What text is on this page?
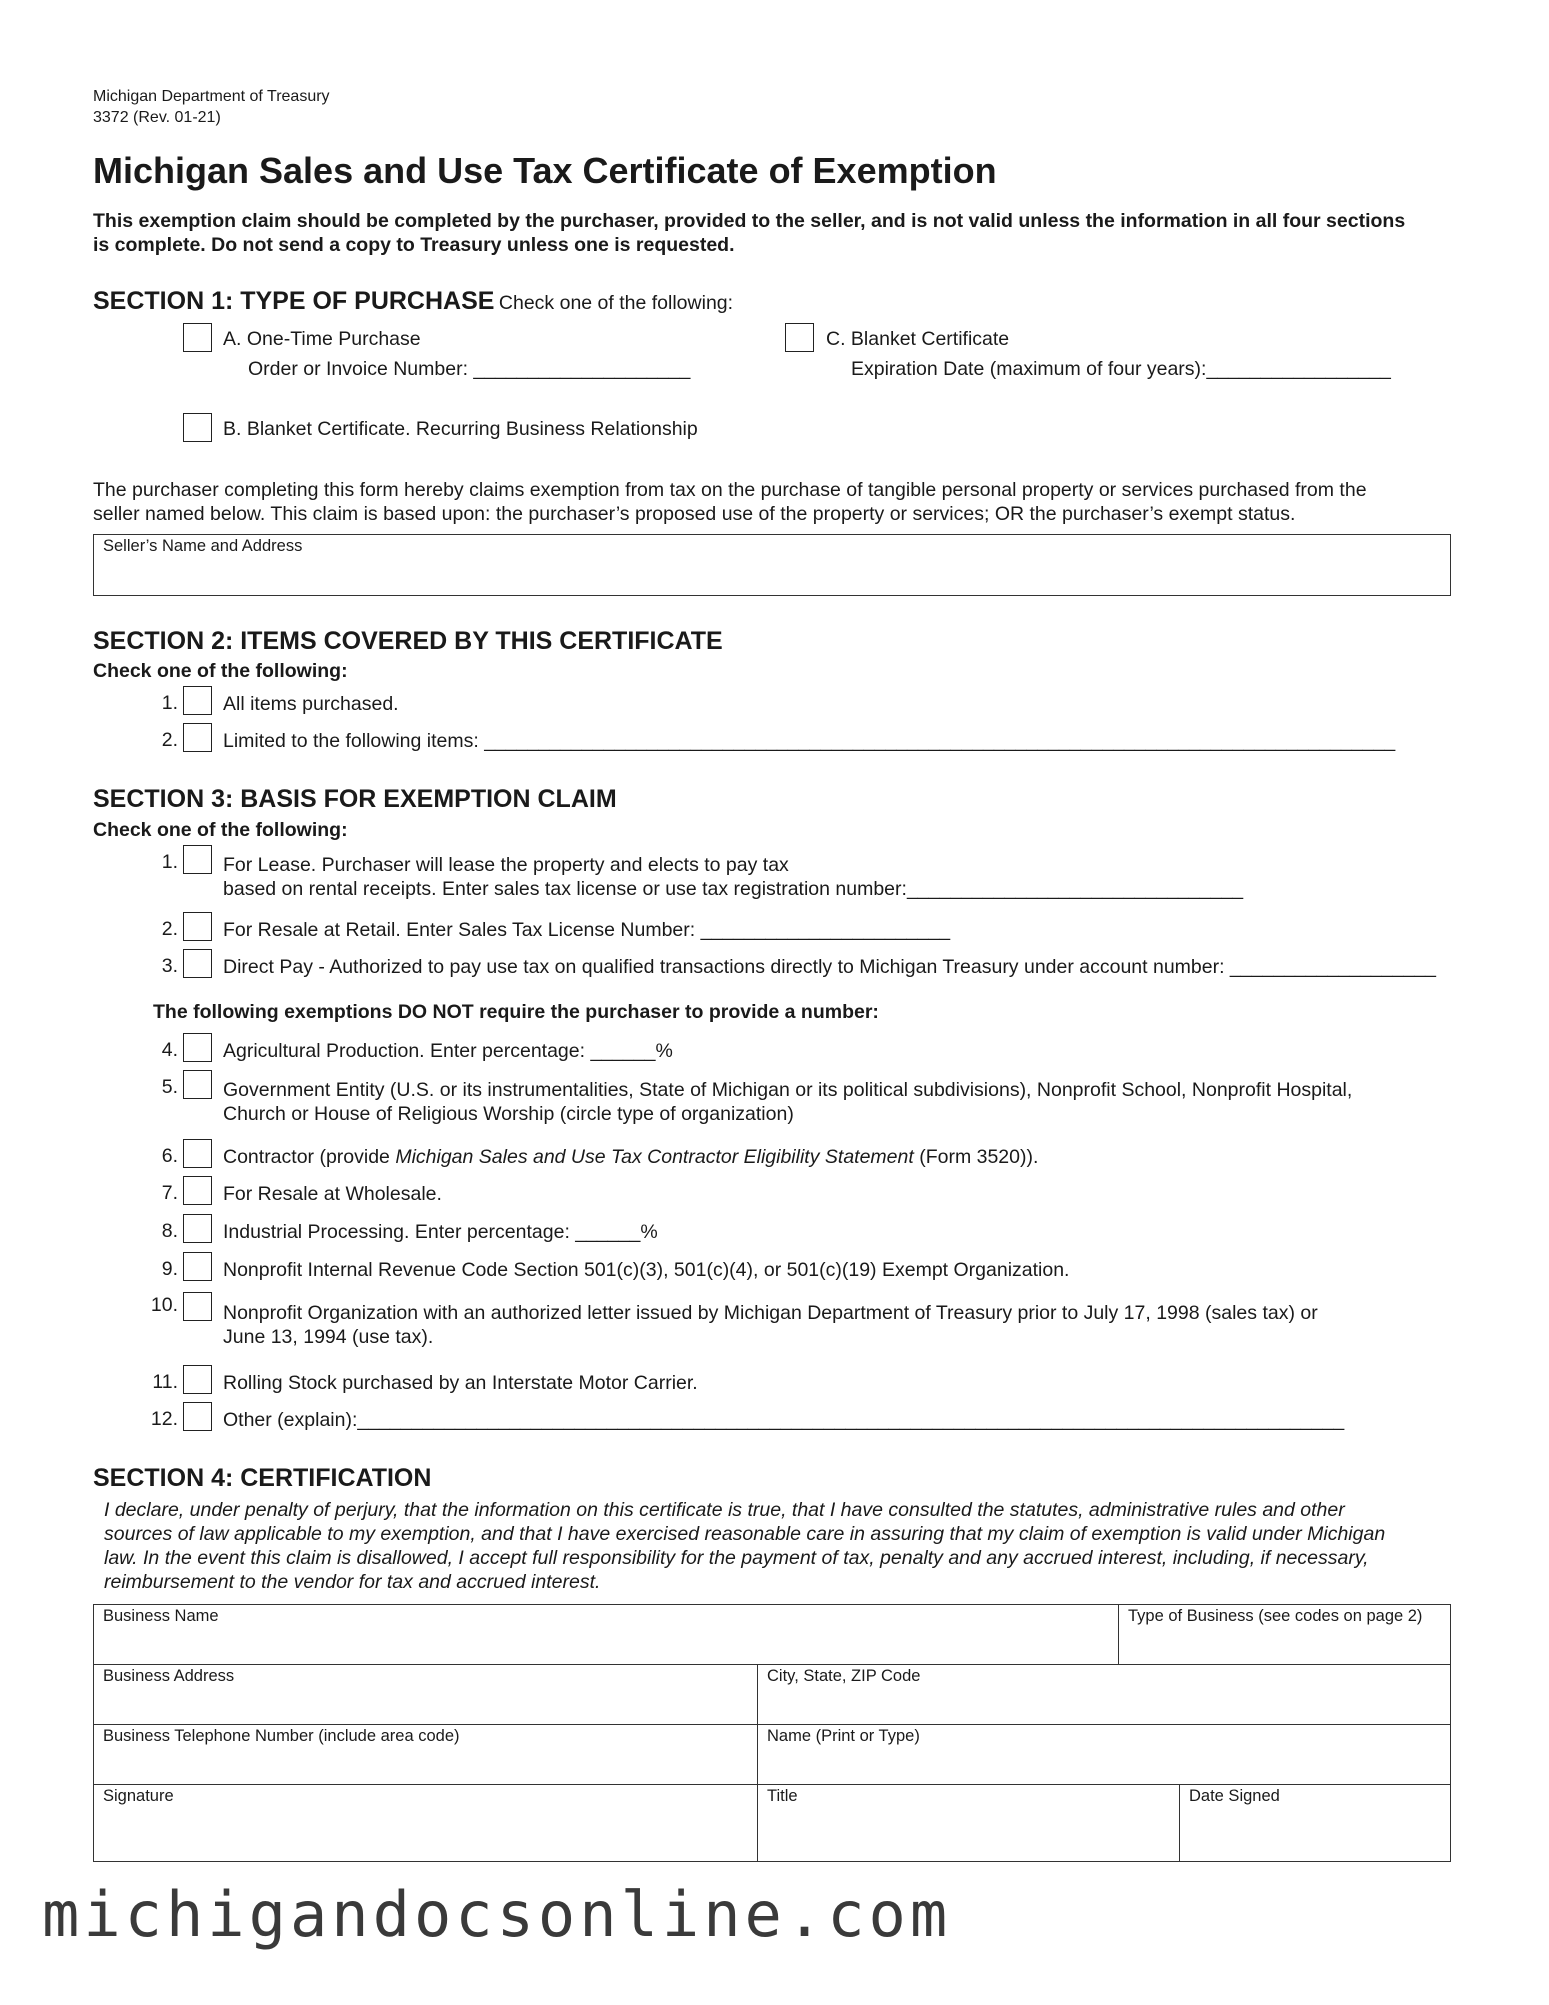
Michigan Department of Treasury
3372 (Rev. 01-21)
Michigan Sales and Use Tax Certificate of Exemption
This exemption claim should be completed by the purchaser, provided to the seller, and is not valid unless the information in all four sections
is complete. Do not send a copy to Treasury unless one is requested.
SECTION 1: TYPE OF PURCHASE Check one of the following:
A. One-Time Purchase
Order or Invoice Number: ____________________
C. Blanket Certificate
Expiration Date (maximum of four years):_________________
B. Blanket Certificate. Recurring Business Relationship
The purchaser completing this form hereby claims exemption from tax on the purchase of tangible personal property or services purchased from the
seller named below. This claim is based upon: the purchaser’s proposed use of the property or services; OR the purchaser’s exempt status.
Seller’s Name and Address
SECTION 2: ITEMS COVERED BY THIS CERTIFICATE
Check one of the following:
1. All items purchased.
2. Limited to the following items: ____________________________________________________________________________________
SECTION 3: BASIS FOR EXEMPTION CLAIM
Check one of the following:
1. For Lease. Purchaser will lease the property and elects to pay tax
based on rental receipts. Enter sales tax license or use tax registration number:_______________________________
2. For Resale at Retail. Enter Sales Tax License Number: _______________________
3. Direct Pay - Authorized to pay use tax on qualified transactions directly to Michigan Treasury under account number: ___________________
The following exemptions DO NOT require the purchaser to provide a number:
4. Agricultural Production. Enter percentage: ______%
5. Government Entity (U.S. or its instrumentalities, State of Michigan or its political subdivisions), Nonprofit School, Nonprofit Hospital,
Church or House of Religious Worship (circle type of organization)
6. Contractor (provide Michigan Sales and Use Tax Contractor Eligibility Statement (Form 3520)).
7. For Resale at Wholesale.
8. Industrial Processing. Enter percentage: ______%
9. Nonprofit Internal Revenue Code Section 501(c)(3), 501(c)(4), or 501(c)(19) Exempt Organization.
10. Nonprofit Organization with an authorized letter issued by Michigan Department of Treasury prior to July 17, 1998 (sales tax) or
June 13, 1994 (use tax).
11. Rolling Stock purchased by an Interstate Motor Carrier.
12. Other (explain):___________________________________________________________________________________________
SECTION 4: CERTIFICATION
I declare, under penalty of perjury, that the information on this certificate is true, that I have consulted the statutes, administrative rules and other
sources of law applicable to my exemption, and that I have exercised reasonable care in assuring that my claim of exemption is valid under Michigan
law. In the event this claim is disallowed, I accept full responsibility for the payment of tax, penalty and any accrued interest, including, if necessary,
reimbursement to the vendor for tax and accrued interest.
Business Name	Type of Business (see codes on page 2)
Business Address	City, State, ZIP Code
Business Telephone Number (include area code)	Name (Print or Type)
Signature	Title	Date Signed
michigandocsonline.com
